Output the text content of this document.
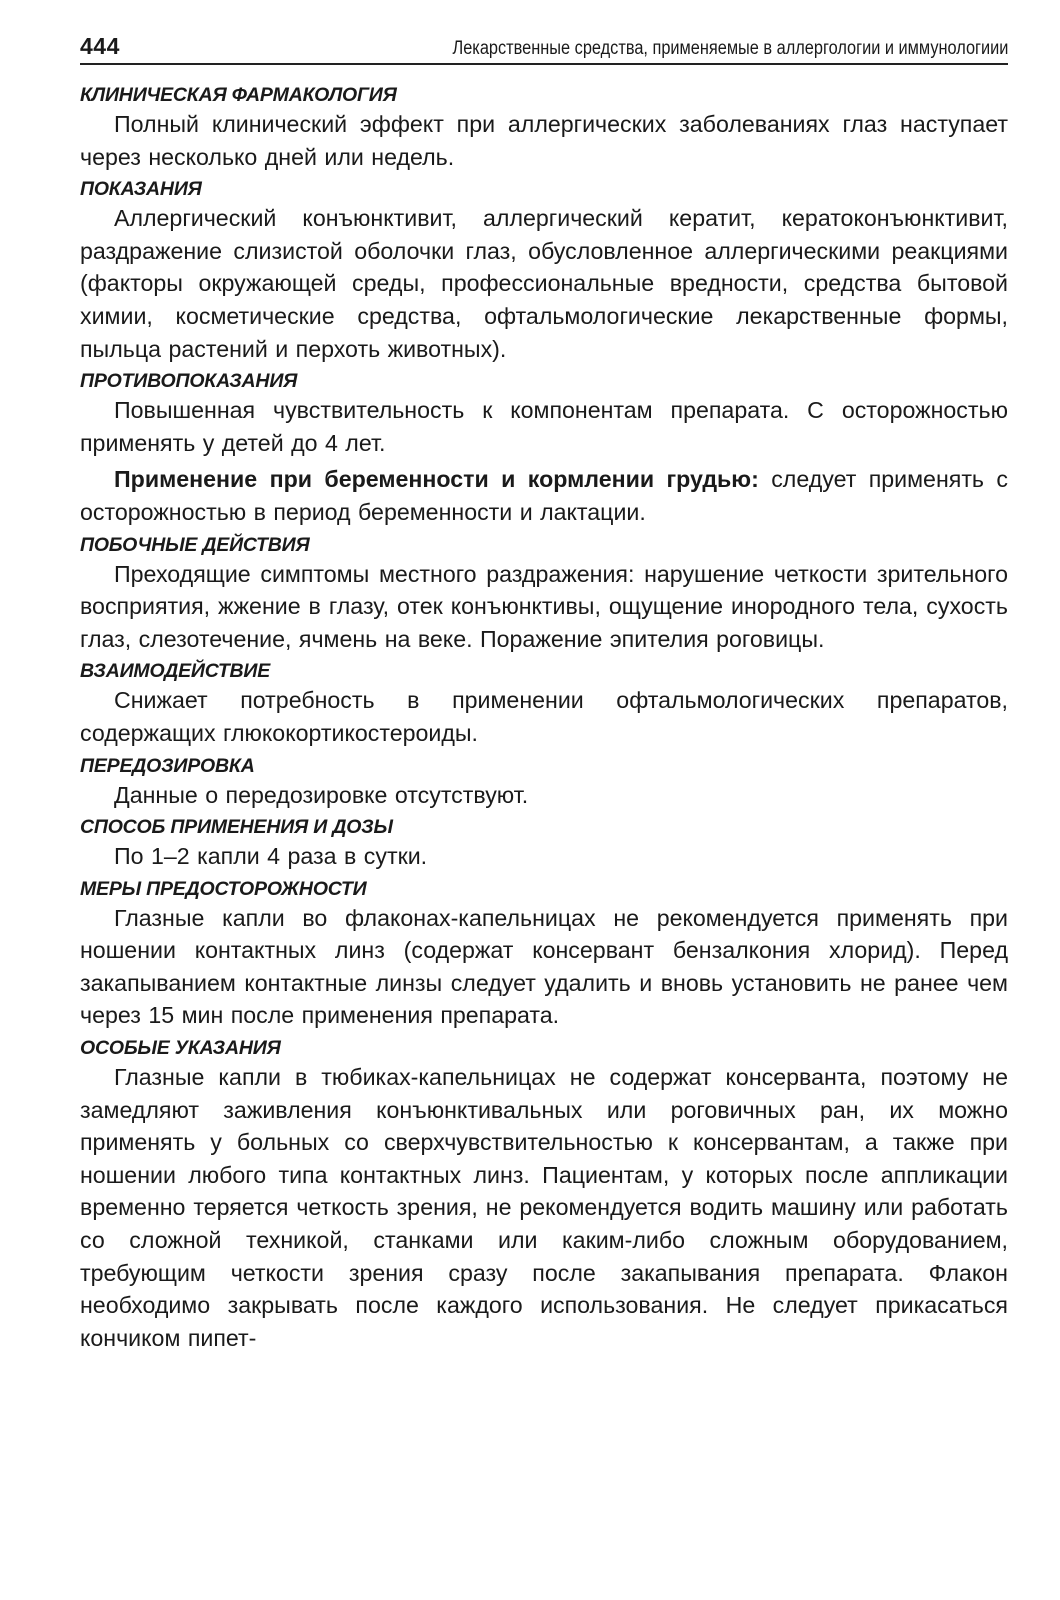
444	Лекарственные средства, применяемые в аллергологии и иммунологиии
КЛИНИЧЕСКАЯ ФАРМАКОЛОГИЯ

Полный клинический эффект при аллергических заболеваниях глаз наступает через несколько дней или недель.

ПОКАЗАНИЯ

Аллергический конъюнктивит, аллергический кератит, кератоконъюнктивит, раздражение слизистой оболочки глаз, обусловленное аллергическими реакциями (факторы окружающей среды, профессиональные вредности, средства бытовой химии, косметические средства, офтальмологические лекарственные формы, пыльца растений и перхоть животных).

ПРОТИВОПОКАЗАНИЯ

Повышенная чувствительность к компонентам препарата. С осторожностью применять у детей до 4 лет.

Применение при беременности и кормлении грудью: следует применять с осторожностью в период беременности и лактации.

ПОБОЧНЫЕ ДЕЙСТВИЯ

Преходящие симптомы местного раздражения: нарушение четкости зрительного восприятия, жжение в глазу, отек конъюнктивы, ощущение инородного тела, сухость глаз, слезотечение, ячмень на веке. Поражение эпителия роговицы.

ВЗАИМОДЕЙСТВИЕ

Снижает потребность в применении офтальмологических препаратов, содержащих глюкокортикостероиды.

ПЕРЕДОЗИРОВКА

Данные о передозировке отсутствуют.

СПОСОБ ПРИМЕНЕНИЯ И ДОЗЫ

По 1–2 капли 4 раза в сутки.

МЕРЫ ПРЕДОСТОРОЖНОСТИ

Глазные капли во флаконах-капельницах не рекомендуется применять при ношении контактных линз (содержат консервант бензалкония хлорид). Перед закапыванием контактные линзы следует удалить и вновь установить не ранее чем через 15 мин после применения препарата.

ОСОБЫЕ УКАЗАНИЯ

Глазные капли в тюбиках-капельницах не содержат консерванта, поэтому не замедляют заживления конъюнктивальных или роговичных ран, их можно применять у больных со сверхчувствительностью к консервантам, а также при ношении любого типа контактных линз. Пациентам, у которых после аппликации временно теряется четкость зрения, не рекомендуется водить машину или работать со сложной техникой, станками или каким-либо сложным оборудованием, требующим четкости зрения сразу после закапывания препарата. Флакон необходимо закрывать после каждого использования. Не следует прикасаться кончиком пипет-
